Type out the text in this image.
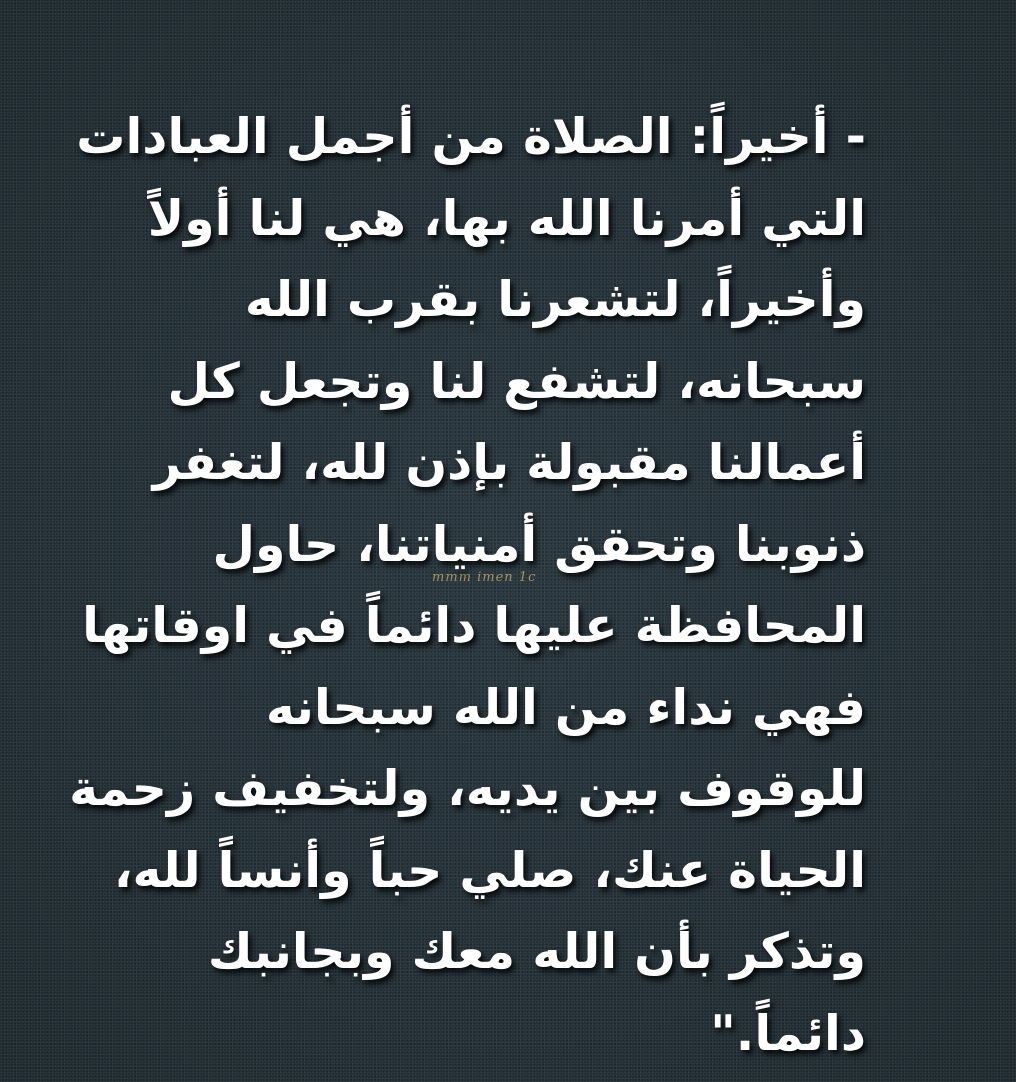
mmm imen 1c
- أخيراً: الصلاة من أجمل العبادات
التي أمرنا الله بها، هي لنا أولاً
وأخيراً، لتشعرنا بقرب الله
سبحانه، لتشفع لنا وتجعل كل
أعمالنا مقبولة بإذن لله، لتغفر
ذنوبنا وتحقق أمنياتنا، حاول
المحافظة عليها دائماً في اوقاتها
فهي نداء من الله سبحانه
للوقوف بين يديه، ولتخفيف زحمة
الحياة عنك، صلي حباً وأنساً لله،
وتذكر بأن الله معك وبجانبك
دائماً."
